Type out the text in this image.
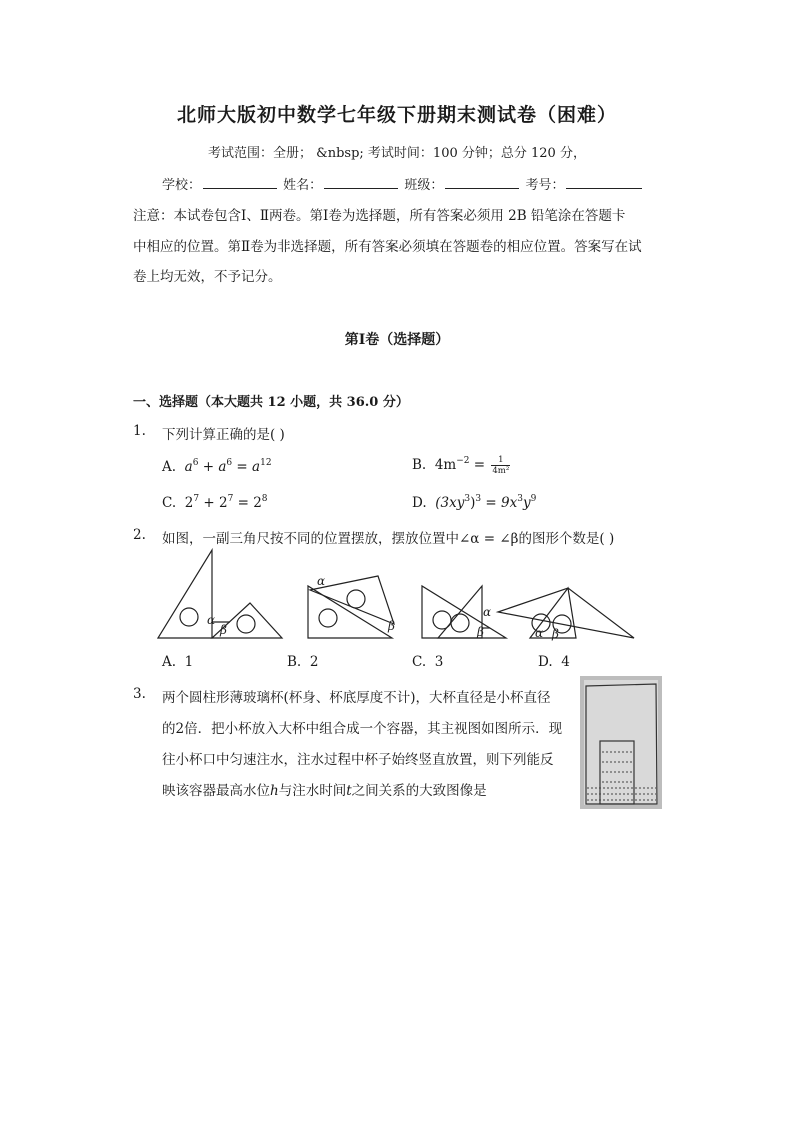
北师大版初中数学七年级下册期末测试卷（困难）
考试范围：全册； &nbsp; 考试时间：100 分钟；总分 120 分，
学校：	姓名：	班级：	考号：
注意：本试卷包含Ⅰ、Ⅱ两卷。第Ⅰ卷为选择题，所有答案必须用 2B 铅笔涂在答题卡
中相应的位置。第Ⅱ卷为非选择题，所有答案必须填在答题卷的相应位置。答案写在试
卷上均无效，不予记分。
第Ⅰ卷（选择题）
一、选择题（本大题共 12 小题，共 36.0 分）
1. 下列计算正确的是( )
A. $a^6 + a^6 = a^{12}$	B. $4m^{-2} = \frac{1}{\text{4m²}}$
C. $2^7 + 2^7 = 2^8$	D. $(3xy^3)^3 = 9x^3y^9$
2. 如图，一副三角尺按不同的位置摆放，摆放位置中∠α = ∠β的图形个数是( )
α
β
α
β
α
β	α β
A. 1	B. 2	C. 3	D. 4
3. 两个圆柱形薄玻璃杯(杯身、杯底厚度不计)，大杯直径是小杯直径
的2倍．把小杯放入大杯中组合成一个容器，其主视图如图所示．现
往小杯口中匀速注水，注水过程中杯子始终竖直放置，则下列能反
映该容器最高水位h与注水时间t之间关系的大致图像是
